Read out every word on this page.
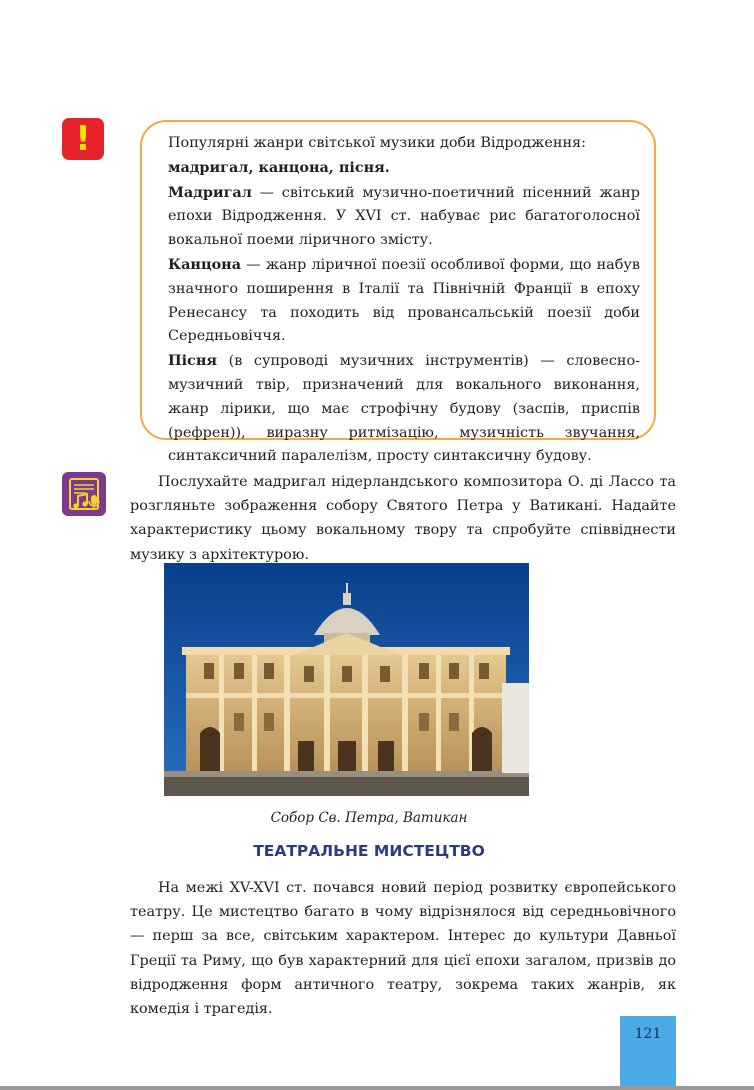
!	Популярні жанри світської музики доби Відродження:
мадригал, канцона, пісня.

Мадригал — світський музично-поетичний пісенний жанр епохи Відродження. У XVI ст. набуває рис багатоголосної вокальної поеми ліричного змісту.

Канцона — жанр ліричної поезії особливої форми, що набув значного поширення в Італії та Північній Франції в епоху Ренесансу та походить від провансальській поезії доби Середньовіччя.

Пісня (в супроводі музичних інструментів) — словесно-музичний твір, призначений для вокального виконання, жанр лірики, що має строфічну будову (заспів, приспів (рефрен)), виразну ритмізацію, музичність звучання, синтаксичний паралелізм, просту синтаксичну будову.

Послухайте мадригал нідерландського композитора О. ді Лассо та розгляньте зображення собору Святого Петра у Ватикані. Надайте характеристику цьому вокальному твору та спробуйте співвіднести музику з архітектурою.

Собор Св. Петра, Ватикан

ТЕАТРАЛЬНЕ МИСТЕЦТВО

На межі XV-XVI ст. почався новий період розвитку європейського театру. Це мистецтво багато в чому відрізнялося від середньовічного — перш за все, світським характером. Інтерес до культури Давньої Греції та Риму, що був характерний для цієї епохи загалом, призвів до відродження форм античного театру, зокрема таких жанрів, як комедія і трагедія.

121
